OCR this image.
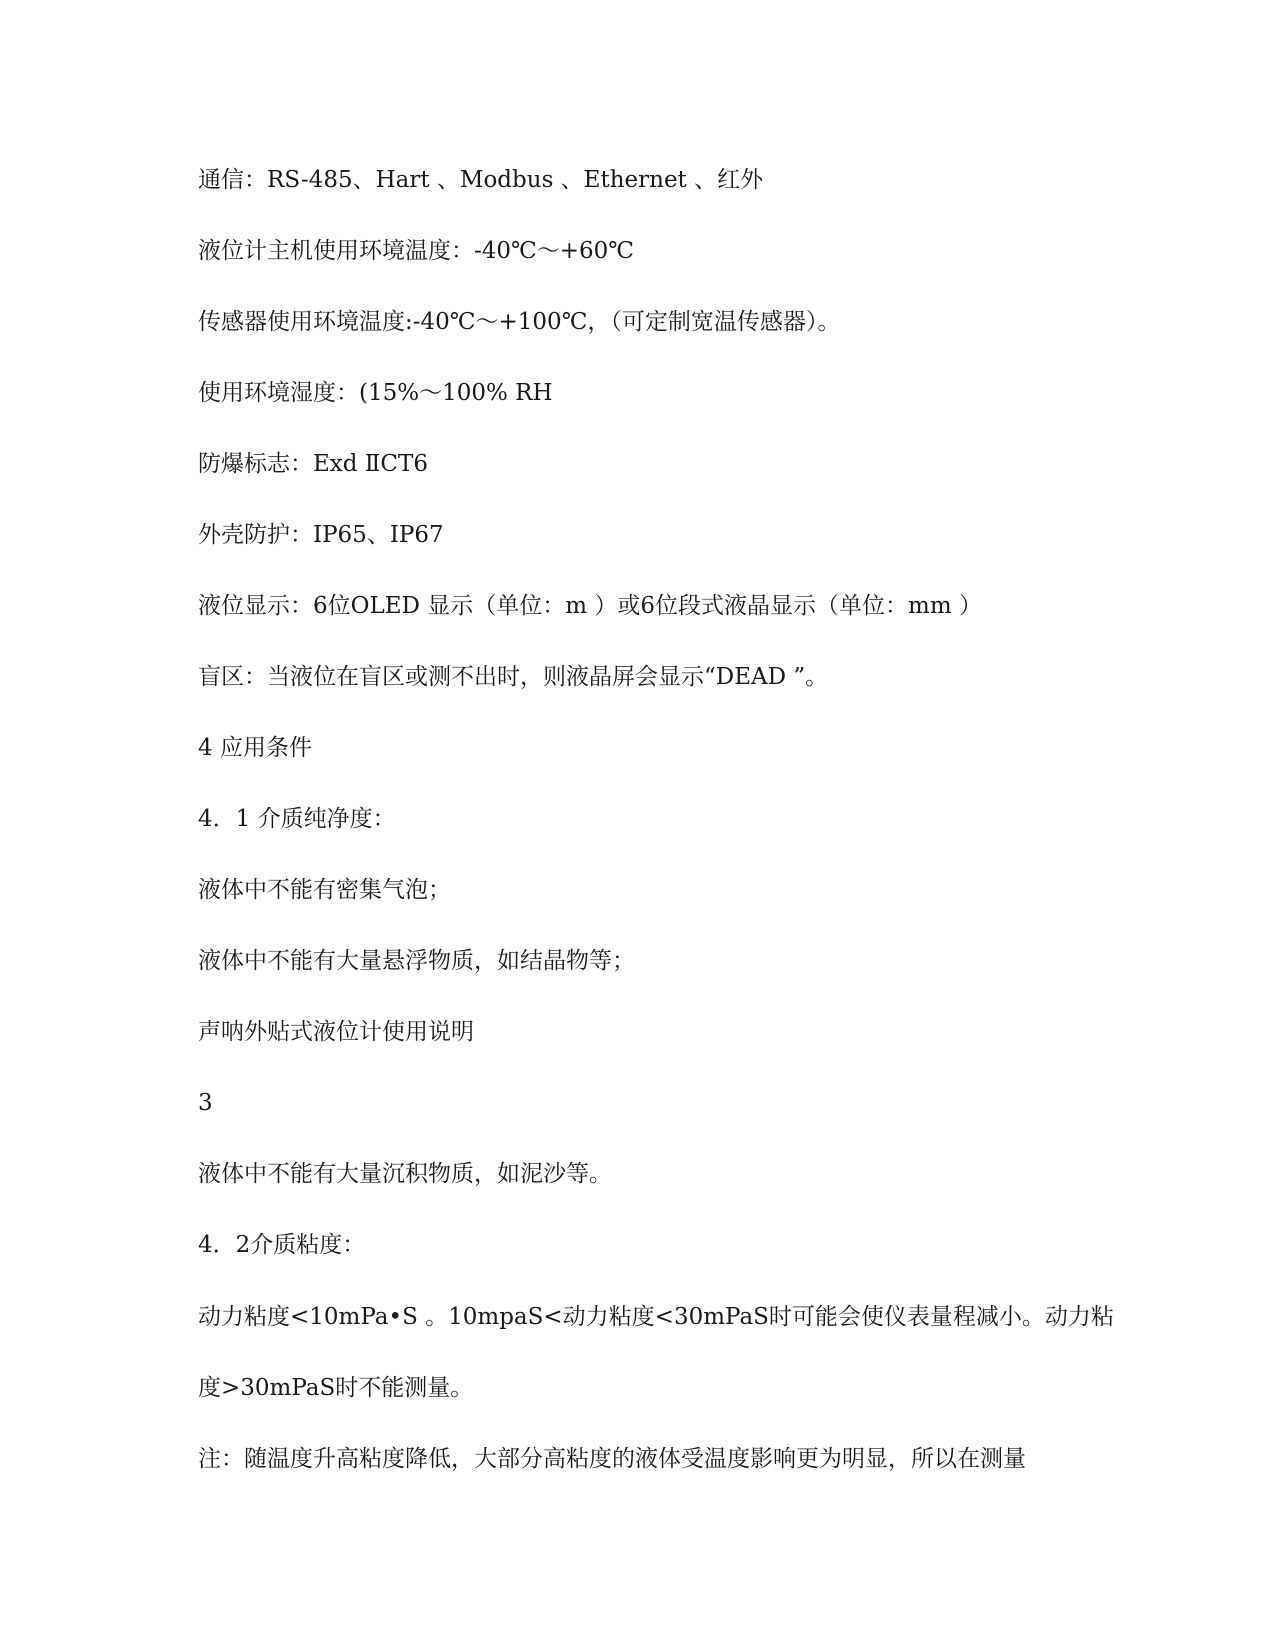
通信：RS-485、Hart 、Modbus 、Ethernet 、红外

液位计主机使用环境温度：-40℃～+60℃

传感器使用环境温度:-40℃～+100℃，（可定制宽温传感器）。

使用环境湿度：(15%～100% RH

防爆标志：Exd ⅡCT6

外壳防护：IP65、IP67

液位显示：6位OLED 显示（单位：m ）或6位段式液晶显示（单位：mm ）

盲区：当液位在盲区或测不出时，则液晶屏会显示“DEAD ”。

4 应用条件

4．1 介质纯净度：

液体中不能有密集气泡；

液体中不能有大量悬浮物质，如结晶物等；

声呐外贴式液位计使用说明

3

液体中不能有大量沉积物质，如泥沙等。

4．2介质粘度：

动力粘度<10mPa•S 。10mpaS<动力粘度<30mPaS时可能会使仪表量程减小。动力粘

度>30mPaS时不能测量。

注：随温度升高粘度降低，大部分高粘度的液体受温度影响更为明显，所以在测量
